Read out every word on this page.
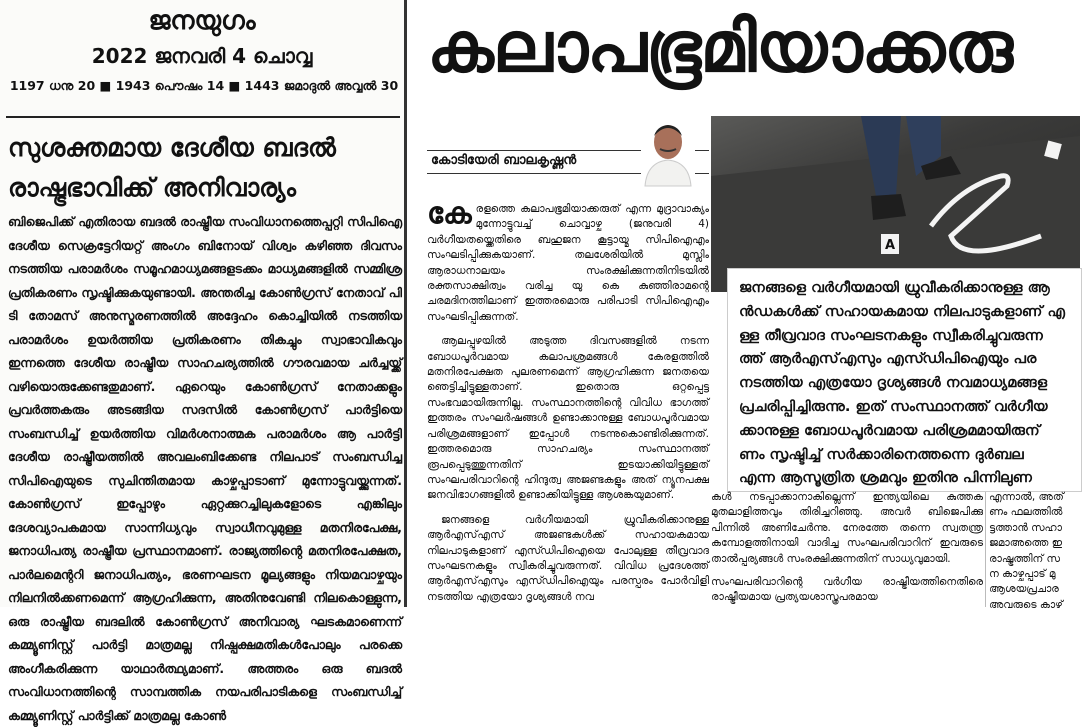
ജനയുഗം
2022 ജനവരി 4 ചൊവ്വ
1197 ധനു 20 ■ 1943 പൌഷം 14 ■ 1443 ജമാദുൽ അവ്വൽ 30
സുശക്തമായ ദേശീയ ബദൽ
രാഷ്ട്രഭാവിക്ക് അനിവാര്യം
ബിജെപിക്ക് എതിരായ ബദൽ രാഷ്ട്രീയ സംവിധാനത്തെപ്പറ്റി സിപിഐ ദേശീയ സെക്രട്ടേറിയറ്റ് അംഗം ബിനോയ് വിശ്വം കഴിഞ്ഞ ദിവസം നടത്തിയ പരാമർശം സമൂഹമാധ്യമങ്ങളടക്കം മാധ്യമങ്ങളിൽ സമ്മിശ്ര പ്രതികരണം സൃഷ്ടിക്കുകയുണ്ടായി. അന്തരിച്ച കോൺഗ്രസ് നേതാവ് പി ടി തോമസ് അനുസ്മരണത്തിൽ അദ്ദേഹം കൊച്ചിയിൽ നടത്തിയ പരാമർശം ഉയർത്തിയ പ്രതികരണം തികച്ചും സ്വാഭാവികവും ഇന്നത്തെ ദേശീയ രാഷ്ട്രീയ സാഹചര്യത്തിൽ ഗൗരവമായ ചർച്ചയ്ക്ക് വഴിയൊരുക്കേണ്ടതുമാണ്. ഏറെയും കോൺഗ്രസ് നേതാക്കളും പ്രവർത്തകരും അടങ്ങിയ സദസിൽ കോൺഗ്രസ് പാർട്ടിയെ സംബന്ധിച്ച് ഉയർത്തിയ വിമർശനാത്മക പരാമർശം ആ പാർട്ടി ദേശീയ രാഷ്ട്രീയത്തിൽ അവലംബിക്കേണ്ട നിലപാട് സംബന്ധിച്ച സിപിഐയുടെ സുചിന്തിതമായ കാഴ്ചപ്പാടാണ് മുന്നോട്ടുവയ്ക്കുന്നത്. കോൺഗ്രസ് ഇപ്പോഴും ഏറ്റക്കുറച്ചിലുകളോടെ എങ്കിലും ദേശവ്യാപകമായ സാന്നിധ്യവും സ്വാധീനവുമുള്ള മതനിരപേക്ഷ, ജനാധിപത്യ രാഷ്ട്രീയ പ്രസ്ഥാനമാണ്. രാജ്യത്തിന്റെ മതനിരപേക്ഷത, പാർലമെന്ററി ജനാധിപത്യം, ഭരണഘടന മൂല്യങ്ങളും നിയമവാഴ്ചയും നിലനിൽക്കണമെന്ന് ആഗ്രഹിക്കുന്ന, അതിനുവേണ്ടി നിലകൊള്ളുന്ന, ഒരു രാഷ്ട്രീയ ബദലിൽ കോൺഗ്രസ് അനിവാര്യ ഘടകമാണെന്ന് കമ്മ്യൂണിസ്റ്റ് പാർട്ടി മാത്രമല്ല നിഷ്പക്ഷമതികൾപോലും പരക്കെ അംഗീകരിക്കുന്ന യാഥാർത്ഥ്യമാണ്. അത്തരം ഒരു ബദൽ സംവിധാനത്തിന്റെ സാമ്പത്തിക നയപരിപാടികളെ സംബന്ധിച്ച് കമ്മ്യൂണിസ്റ്റ് പാർട്ടിക്ക് മാത്രമല്ല കോൺ
കലാപഭൂമിയാക്കരു
കോടിയേരി ബാലകൃഷ്ണൻ

കേരളത്തെ കലാപഭൂമിയാക്കരുത് എന്ന മുദ്രാവാക്യം മുന്നോട്ടുവച്ച് ചൊവ്വാഴ്ച (ജനുവരി 4) വർഗീയതയ്ക്കെതിരെ ബഹുജന കൂട്ടായ്മ സിപിഐഎം സംഘടിപ്പിക്കുകയാണ്. തലശേരിയിൽ മുസ്ലിം ആരാധനാലയം സംരക്ഷിക്കുന്നതിനിടയിൽ രക്തസാക്ഷിത്വം വരിച്ച യു കെ കുഞ്ഞിരാമന്റെ ചരമദിനത്തിലാണ് ഇത്തരമൊരു പരിപാടി സിപിഐഎം സംഘടിപ്പിക്കുന്നത്.

ആലപ്പുഴയിൽ അടുത്ത ദിവസങ്ങളിൽ നടന്ന ബോധപൂർവമായ കലാപശ്രമങ്ങൾ കേരളത്തിൽ മതനിരപേക്ഷത പുലരണമെന്ന് ആഗ്രഹിക്കുന്ന ജനതയെ ഞെട്ടിച്ചിട്ടുള്ളതാണ്. ഇതൊരു ഒറ്റപ്പെട്ട സംഭവമായിരുന്നില്ല. സംസ്ഥാനത്തിന്റെ വിവിധ ഭാഗത്ത് ഇത്തരം സംഘർഷങ്ങൾ ഉണ്ടാക്കാനുള്ള ബോധപൂർവമായ പരിശ്രമങ്ങളാണ് ഇപ്പോൾ നടന്നുകൊണ്ടിരിക്കുന്നത്. ഇത്തരമൊരു സാഹചര്യം സംസ്ഥാനത്ത് രൂപപ്പെടുത്തുന്നതിന് ഇടയാക്കിയിട്ടുള്ളത് സംഘപരിവാറിന്റെ ഹിന്ദുത്വ അജണ്ടകളും അത് ന്യൂനപക്ഷ ജനവിഭാഗങ്ങളിൽ ഉണ്ടാക്കിയിട്ടുള്ള ആശങ്കയുമാണ്.

ജനങ്ങളെ വർഗീയമായി ധ്രുവീകരിക്കാനുള്ള ആർഎസ്എസ് അജണ്ടകൾക്ക് സഹായകമായ നിലപാടുകളാണ് എസ്ഡിപിഐയെ പോലുള്ള തീവ്രവാദ സംഘടനകളും സ്വീകരിച്ചുവരുന്നത്. വിവിധ പ്രദേശത്ത് ആർഎസ്എസും എസ്ഡിപിഐയും പരസ്പരം പോർവിളി നടത്തിയ എത്രയോ ദൃശ്യങ്ങൾ നവ

A
ജനങ്ങളെ വർഗീയമായി ധ്രുവീകരിക്കാനുള്ള ആ
ൻഡകൾക്ക് സഹായകമായ നിലപാടുകളാണ് എ
ള്ള തീവ്രവാദ സംഘടനകളും സ്വീകരിച്ചുവരുന്ന
ത്ത് ആർഎസ്എസും എസ്ഡിപിഐയും പര
നടത്തിയ എത്രയോ ദൃശ്യങ്ങൾ നവമാധ്യമങ്ങള
പ്രചരിപ്പിച്ചിരുന്നു. ഇത് സംസ്ഥാനത്ത് വർഗീയ
ക്കാനുള്ള ബോധപൂർവമായ പരിശ്രമമായിരുന്
ണം സൃഷ്ടിച്ച് സർക്കാരിനെത്തന്നെ ദുർബല
എന്ന ആസൂത്രിത ശ്രമവും ഇതിനു പിന്നിലുണ

കൾ നടപ്പാക്കാനാകില്ലെന്ന് ഇന്ത്യയിലെ കുത്തക മുതലാളിത്തവും തിരിച്ചറിഞ്ഞു. അവർ ബിജെപിക്കു പിന്നിൽ അണിചേർന്നു. നേരത്തേ തന്നെ സ്വതന്ത്ര കമ്പോളത്തിനായി വാദിച്ച സംഘപരിവാറിന് ഇവരുടെ താൽപ്പര്യങ്ങൾ സംരക്ഷിക്കുന്നതിന് സാധ്യവുമായി.

സംഘപരിവാറിന്റെ വർഗീയ രാഷ്ട്രീയത്തിനെതിരെ രാഷ്ട്രീയമായ പ്രത്യയശാസ്ത്രപരമായ

എന്നാൽ, അത്
ണം ഫലത്തിൽ
ട്ടത്താൻ സഹാ
ജമാഅത്തെ ഇ
രാഷ്ട്രത്തിന് സ
ന കാഴ്ചപ്പാട് മു
ആശയപ്രചാര
അവരുടെ കാഴ്
